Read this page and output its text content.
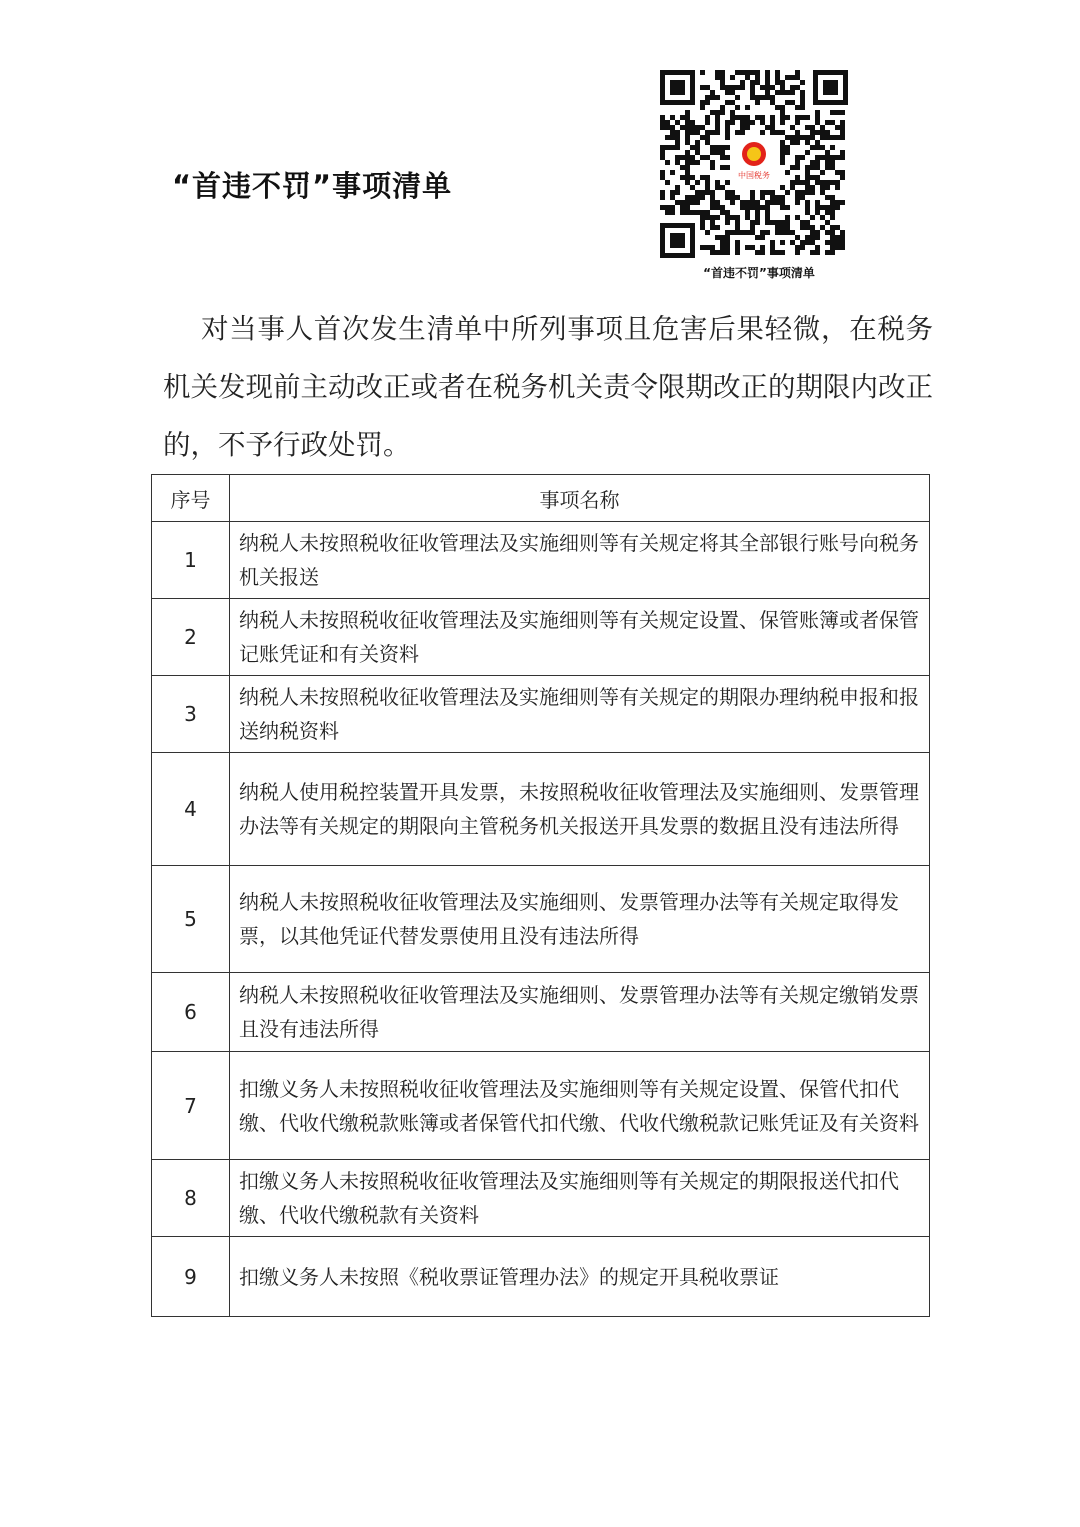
“首违不罚”事项清单	中国税务
“首违不罚”事项清单
对当事人首次发生清单中所列事项且危害后果轻微，在税务机关发现前主动改正或者在税务机关责令限期改正的期限内改正的，不予行政处罚。
序号	事项名称
1	纳税人未按照税收征收管理法及实施细则等有关规定将其全部银行账号向税务机关报送
2	纳税人未按照税收征收管理法及实施细则等有关规定设置、保管账簿或者保管记账凭证和有关资料
3	纳税人未按照税收征收管理法及实施细则等有关规定的期限办理纳税申报和报送纳税资料
4	纳税人使用税控装置开具发票，未按照税收征收管理法及实施细则、发票管理办法等有关规定的期限向主管税务机关报送开具发票的数据且没有违法所得
5	纳税人未按照税收征收管理法及实施细则、发票管理办法等有关规定取得发票，以其他凭证代替发票使用且没有违法所得
6	纳税人未按照税收征收管理法及实施细则、发票管理办法等有关规定缴销发票且没有违法所得
7	扣缴义务人未按照税收征收管理法及实施细则等有关规定设置、保管代扣代缴、代收代缴税款账簿或者保管代扣代缴、代收代缴税款记账凭证及有关资料
8	扣缴义务人未按照税收征收管理法及实施细则等有关规定的期限报送代扣代缴、代收代缴税款有关资料
9	扣缴义务人未按照《税收票证管理办法》的规定开具税收票证
